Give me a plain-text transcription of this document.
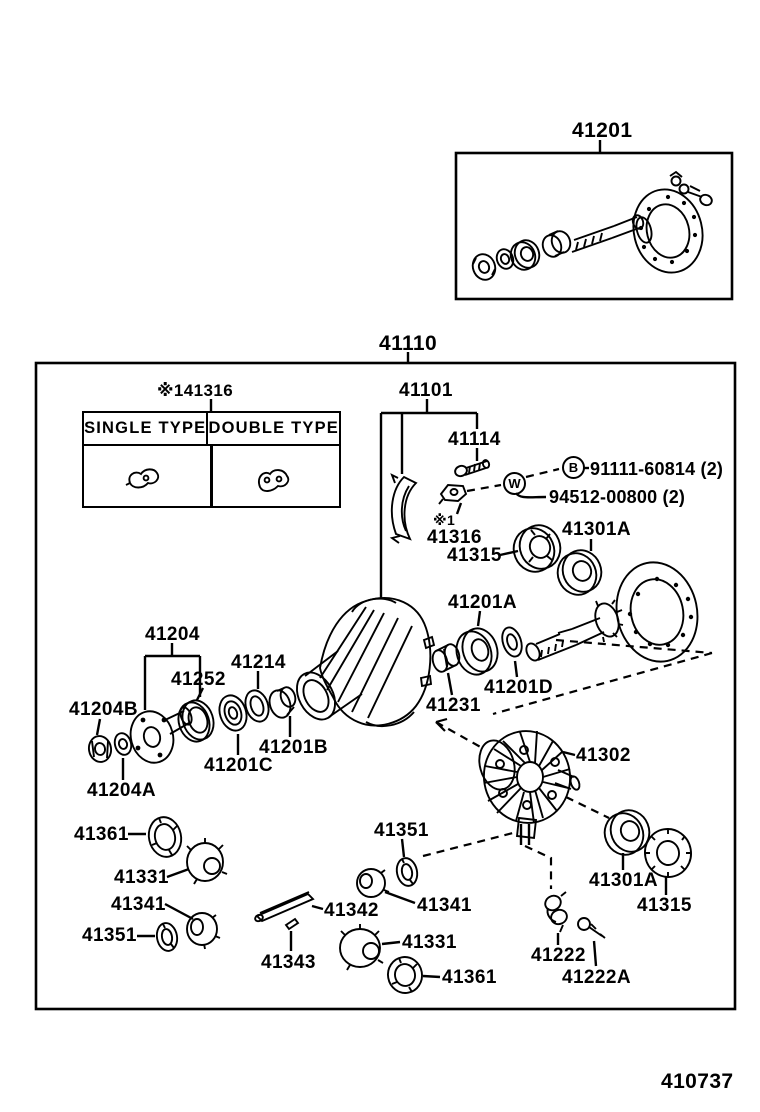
41201
41110
41101
41114
※141316
SINGLE TYPE DOUBLE TYPE
B
W
91111-60814 (2)
94512-00800 (2)
※1
41316
41315
41301A
41201A
41201D
41231
41204
41252
41214
41204B
41204A
41201C
41201B	41302
41301A
41315
41361
41331
41341
41351
41351
41341
41342
41343
41331
41361
41222
41222A
410737
